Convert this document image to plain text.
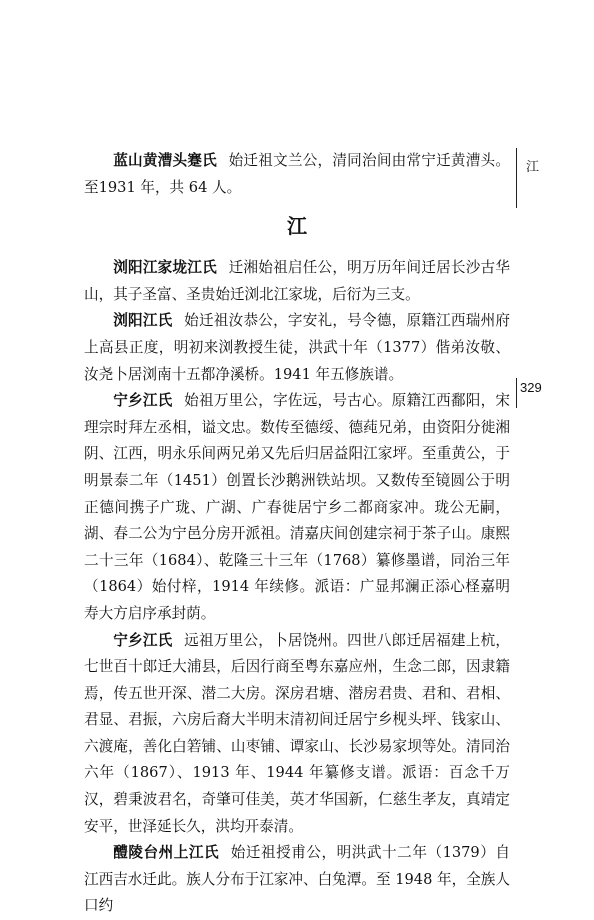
江
329

蓝山黄漕头蹇氏 始迁祖文兰公，清同治间由常宁迁黄漕头。至1931 年，共 64 人。

江

浏阳江家垅江氏 迁湘始祖启任公，明万历年间迁居长沙古华山，其子圣富、圣贵始迁浏北江家垅，后衍为三支。

浏阳江氏 始迁祖汝恭公，字安礼，号令德，原籍江西瑞州府上高县正度，明初来浏教授生徒，洪武十年（1377）偕弟汝敬、汝尧卜居浏南十五都净溪桥。1941 年五修族谱。

宁乡江氏 始祖万里公，字佐远，号古心。原籍江西鄱阳，宋理宗时拜左丞相，谥文忠。数传至德绥、德莼兄弟，由资阳分徙湘阴、江西，明永乐间两兄弟又先后归居益阳江家坪。至重黄公，于明景泰二年（1451）创置长沙鹅洲铁站坝。又数传至镜圆公于明正德间携子广珑、广湖、广春徙居宁乡二都商家冲。珑公无嗣，湖、春二公为宁邑分房开派祖。清嘉庆间创建宗祠于茶子山。康熙二十三年（1684）、乾隆三十三年（1768）纂修墨谱，同治三年（1864）始付梓，1914 年续修。派语：广显邦澜正添心柽嘉明寿大方启序承封荫。

宁乡江氏 远祖万里公，卜居饶州。四世八郎迁居福建上杭，七世百十郎迁大浦县，后因行商至粤东嘉应州，生念二郎，因隶籍焉，传五世开深、潜二大房。深房君塘、潜房君贵、君和、君相、君显、君振，六房后裔大半明末清初间迁居宁乡枧头坪、钱家山、六渡庵，善化白箬铺、山枣铺、谭家山、长沙易家坝等处。清同治六年（1867）、1913 年、1944 年纂修支谱。派语：百念千万汉，碧秉波君名，奇肇可佳美，英才华国新，仁慈生孝友，真靖定安平，世泽延长久，洪均开泰清。

醴陵台州上江氏 始迁祖授甫公，明洪武十二年（1379）自江西吉水迁此。族人分布于江家冲、白兔潭。至 1948 年，全族人口约
